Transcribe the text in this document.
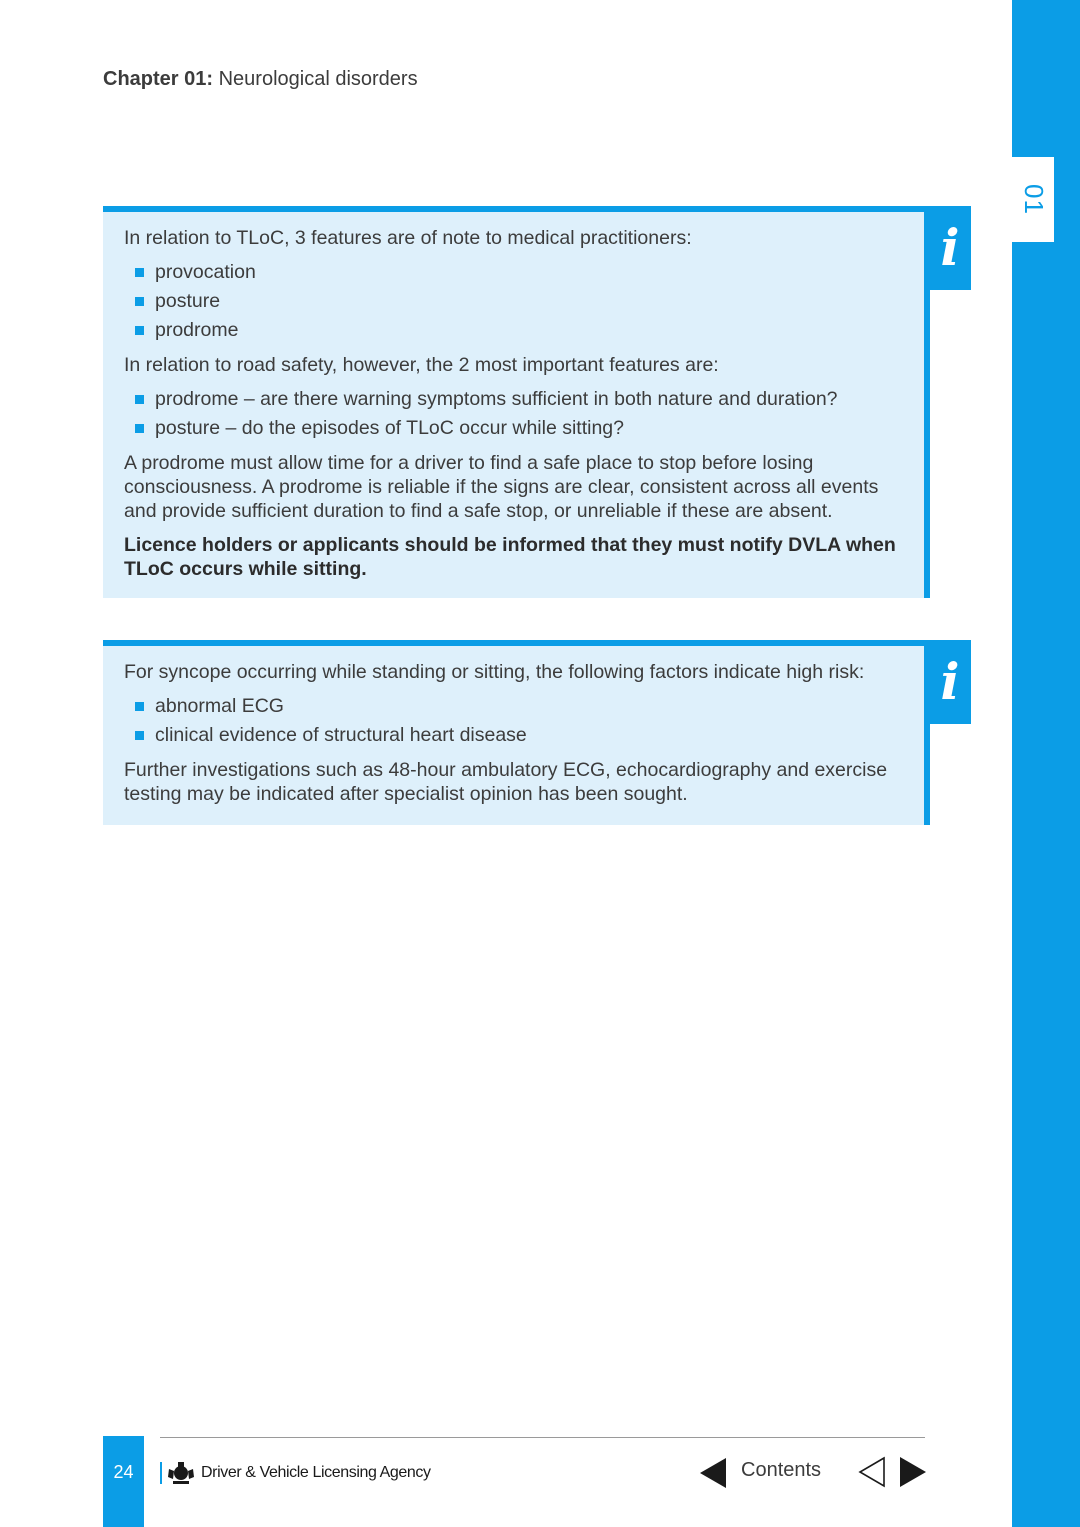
01
Chapter 01: Neurological disorders

In relation to TLoC, 3 features are of note to medical practitioners:

provocation
posture
prodrome

In relation to road safety, however, the 2 most important features are:

prodrome – are there warning symptoms sufficient in both nature and duration?
posture – do the episodes of TLoC occur while sitting?

A prodrome must allow time for a driver to find a safe place to stop before losing consciousness. A prodrome is reliable if the signs are clear, consistent across all events and provide sufficient duration to find a safe stop, or unreliable if these are absent.

Licence holders or applicants should be informed that they must notify DVLA when TLoC occurs while sitting.

i

For syncope occurring while standing or sitting, the following factors indicate high risk:

abnormal ECG
clinical evidence of structural heart disease

Further investigations such as 48-hour ambulatory ECG, echocardiography and exercise testing may be indicated after specialist opinion has been sought.

i
24	Driver & Vehicle Licensing Agency	Contents
